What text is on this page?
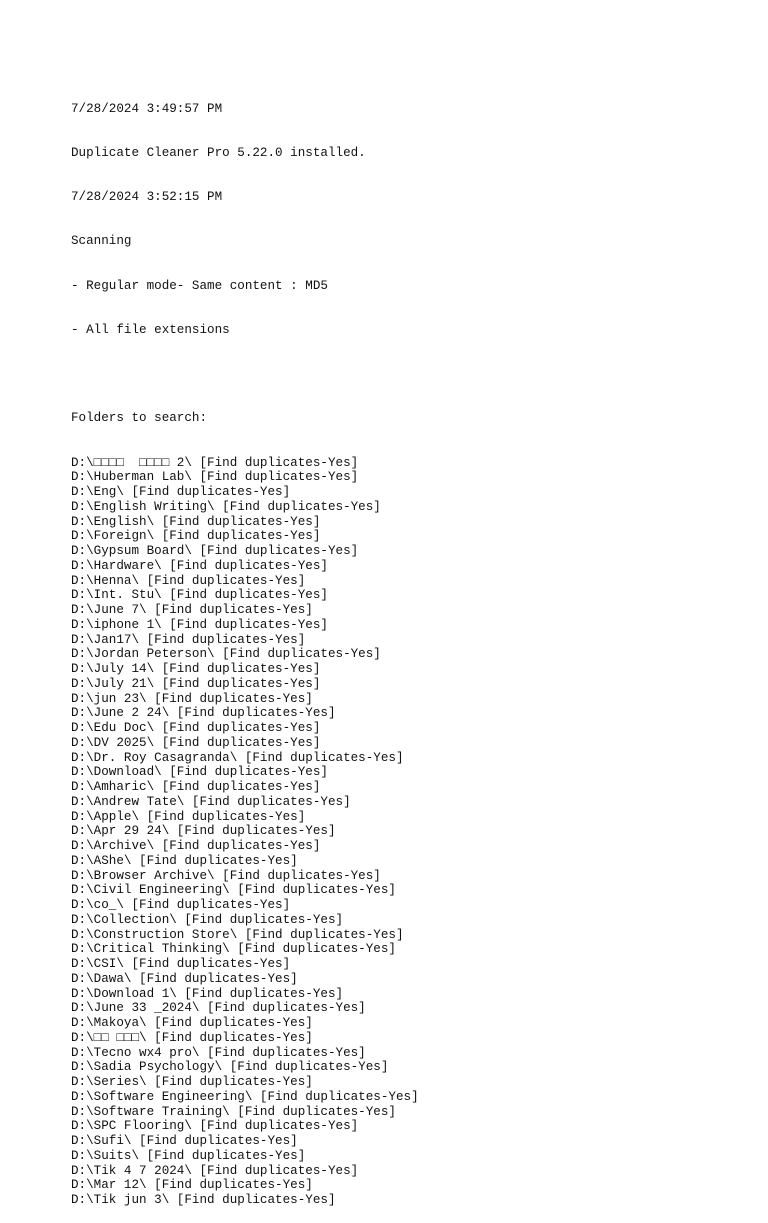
7/28/2024 3:49:57 PM

Duplicate Cleaner Pro 5.22.0 installed.

7/28/2024 3:52:15 PM

Scanning

- Regular mode- Same content : MD5

- All file extensions

Folders to search:

D:\□□□□  □□□□ 2\ [Find duplicates-Yes]
D:\Huberman Lab\ [Find duplicates-Yes]
D:\Eng\ [Find duplicates-Yes]
D:\English Writing\ [Find duplicates-Yes]
D:\English\ [Find duplicates-Yes]
D:\Foreign\ [Find duplicates-Yes]
D:\Gypsum Board\ [Find duplicates-Yes]
D:\Hardware\ [Find duplicates-Yes]
D:\Henna\ [Find duplicates-Yes]
D:\Int. Stu\ [Find duplicates-Yes]
D:\June 7\ [Find duplicates-Yes]
D:\iphone 1\ [Find duplicates-Yes]
D:\Jan17\ [Find duplicates-Yes]
D:\Jordan Peterson\ [Find duplicates-Yes]
D:\July 14\ [Find duplicates-Yes]
D:\July 21\ [Find duplicates-Yes]
D:\jun 23\ [Find duplicates-Yes]
D:\June 2 24\ [Find duplicates-Yes]
D:\Edu Doc\ [Find duplicates-Yes]
D:\DV 2025\ [Find duplicates-Yes]
D:\Dr. Roy Casagranda\ [Find duplicates-Yes]
D:\Download\ [Find duplicates-Yes]
D:\Amharic\ [Find duplicates-Yes]
D:\Andrew Tate\ [Find duplicates-Yes]
D:\Apple\ [Find duplicates-Yes]
D:\Apr 29 24\ [Find duplicates-Yes]
D:\Archive\ [Find duplicates-Yes]
D:\AShe\ [Find duplicates-Yes]
D:\Browser Archive\ [Find duplicates-Yes]
D:\Civil Engineering\ [Find duplicates-Yes]
D:\co_\ [Find duplicates-Yes]
D:\Collection\ [Find duplicates-Yes]
D:\Construction Store\ [Find duplicates-Yes]
D:\Critical Thinking\ [Find duplicates-Yes]
D:\CSI\ [Find duplicates-Yes]
D:\Dawa\ [Find duplicates-Yes]
D:\Download 1\ [Find duplicates-Yes]
D:\June 33 _2024\ [Find duplicates-Yes]
D:\Makoya\ [Find duplicates-Yes]
D:\□□ □□□\ [Find duplicates-Yes]
D:\Tecno wx4 pro\ [Find duplicates-Yes]
D:\Sadia Psychology\ [Find duplicates-Yes]
D:\Series\ [Find duplicates-Yes]
D:\Software Engineering\ [Find duplicates-Yes]
D:\Software Training\ [Find duplicates-Yes]
D:\SPC Flooring\ [Find duplicates-Yes]
D:\Sufi\ [Find duplicates-Yes]
D:\Suits\ [Find duplicates-Yes]
D:\Tik 4 7 2024\ [Find duplicates-Yes]
D:\Mar 12\ [Find duplicates-Yes]
D:\Tik jun 3\ [Find duplicates-Yes]
